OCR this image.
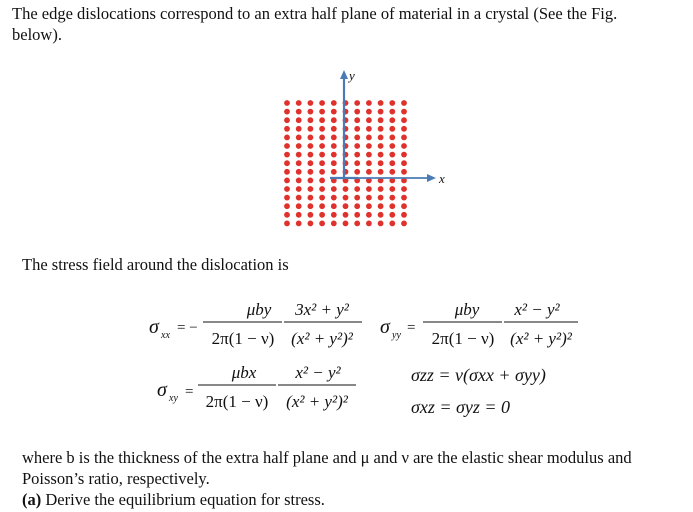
The edge dislocations correspond to an extra half plane of material in a crystal (See the Fig.
below).
y
x
The stress field around the dislocation is
σ xx = −
μby
2π(1 − ν)
3x² + y²
(x² + y²)²
σ yy =
μby
2π(1 − ν)
x² − y²
(x² + y²)²
σ xy =
μbx
2π(1 − ν)
x² − y²
(x² + y²)²
σzz = ν(σxx + σyy)
σxz = σyz = 0
where b is the thickness of the extra half plane and μ and ν are the elastic shear modulus and
Poisson’s ratio, respectively.
(a) Derive the equilibrium equation for stress.
